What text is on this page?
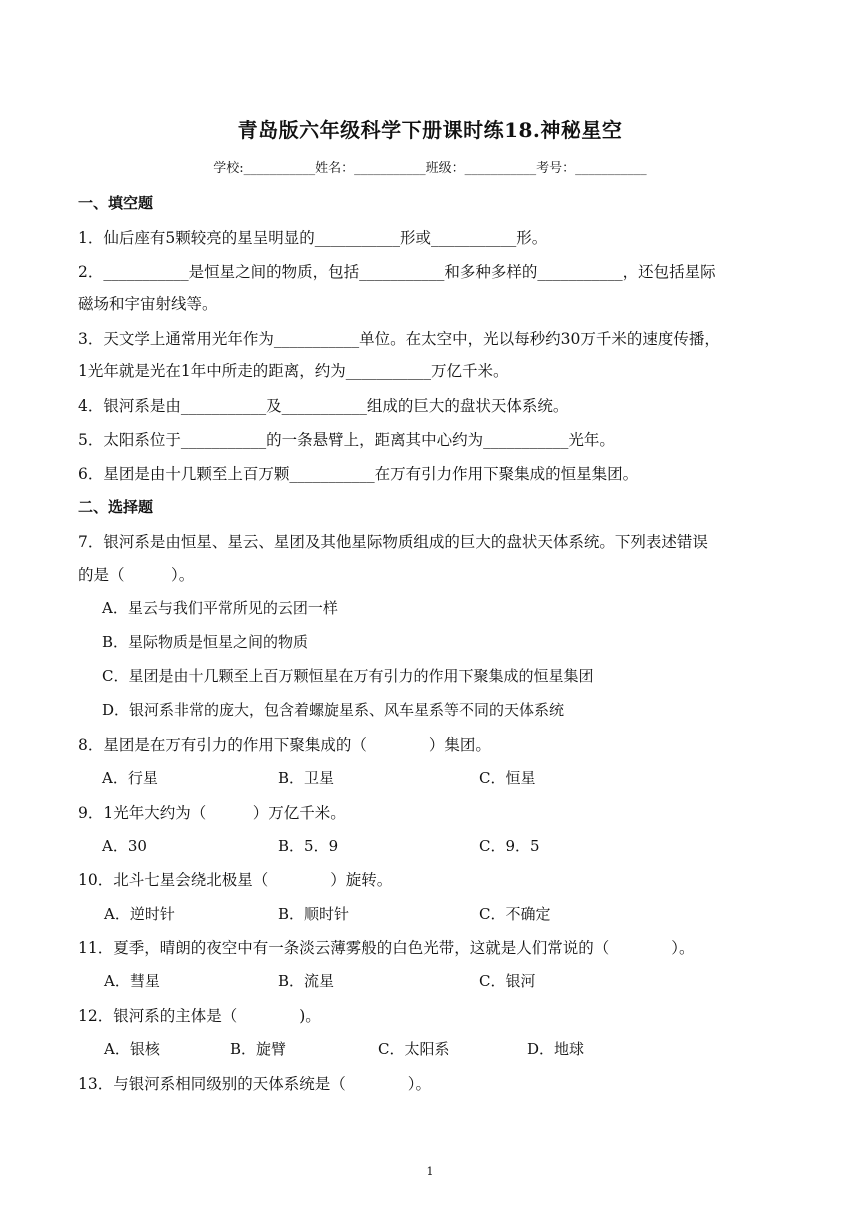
青岛版六年级科学下册课时练18.神秘星空
学校:___________姓名：___________班级：___________考号：___________
一、填空题
1．仙后座有5颗较亮的星呈明显的___________形或___________形。
2．___________是恒星之间的物质，包括___________和多种多样的___________，还包括星际
磁场和宇宙射线等。
3．天文学上通常用光年作为___________单位。在太空中，光以每秒约30万千米的速度传播，
1光年就是光在1年中所走的距离，约为___________万亿千米。
4．银河系是由___________及___________组成的巨大的盘状天体系统。
5．太阳系位于___________的一条悬臂上，距离其中心约为___________光年。
6．星团是由十几颗至上百万颗___________在万有引力作用下聚集成的恒星集团。
二、选择题
7．银河系是由恒星、星云、星团及其他星际物质组成的巨大的盘状天体系统。下列表述错误
的是（　　　）。
A．星云与我们平常所见的云团一样
B．星际物质是恒星之间的物质
C．星团是由十几颗至上百万颗恒星在万有引力的作用下聚集成的恒星集团
D．银河系非常的庞大，包含着螺旋星系、风车星系等不同的天体系统
8．星团是在万有引力的作用下聚集成的（　　　　）集团。
A．行星	B．卫星	C．恒星
9．1光年大约为（　　　）万亿千米。
A．30	B．5．9	C．9．5
10．北斗七星会绕北极星（　　　　）旋转。
A．逆时针	B．顺时针	C．不确定
11．夏季，晴朗的夜空中有一条淡云薄雾般的白色光带，这就是人们常说的（　　　　）。
A．彗星	B．流星	C．银河
12．银河系的主体是（　　　　)。
A．银核	B．旋臂	C．太阳系	D．地球
13．与银河系相同级别的天体系统是（　　　　）。
1
